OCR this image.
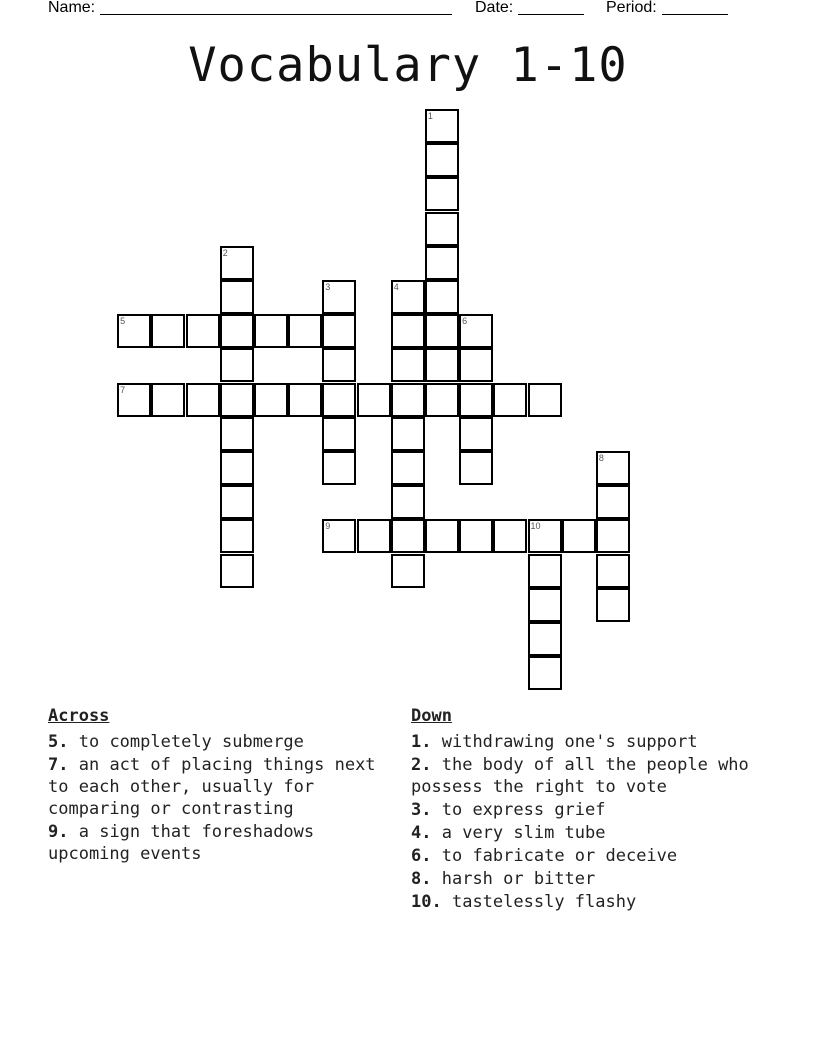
Name:	Date:	Period:
Vocabulary 1-10
1
2
3	4
5	6
7
8
9	10
Across
5. to completely submerge
7. an act of placing things next to each other, usually for comparing or contrasting
9. a sign that foreshadows upcoming events
Down
1. withdrawing one's support
2. the body of all the people who possess the right to vote
3. to express grief
4. a very slim tube
6. to fabricate or deceive
8. harsh or bitter
10. tastelessly flashy
